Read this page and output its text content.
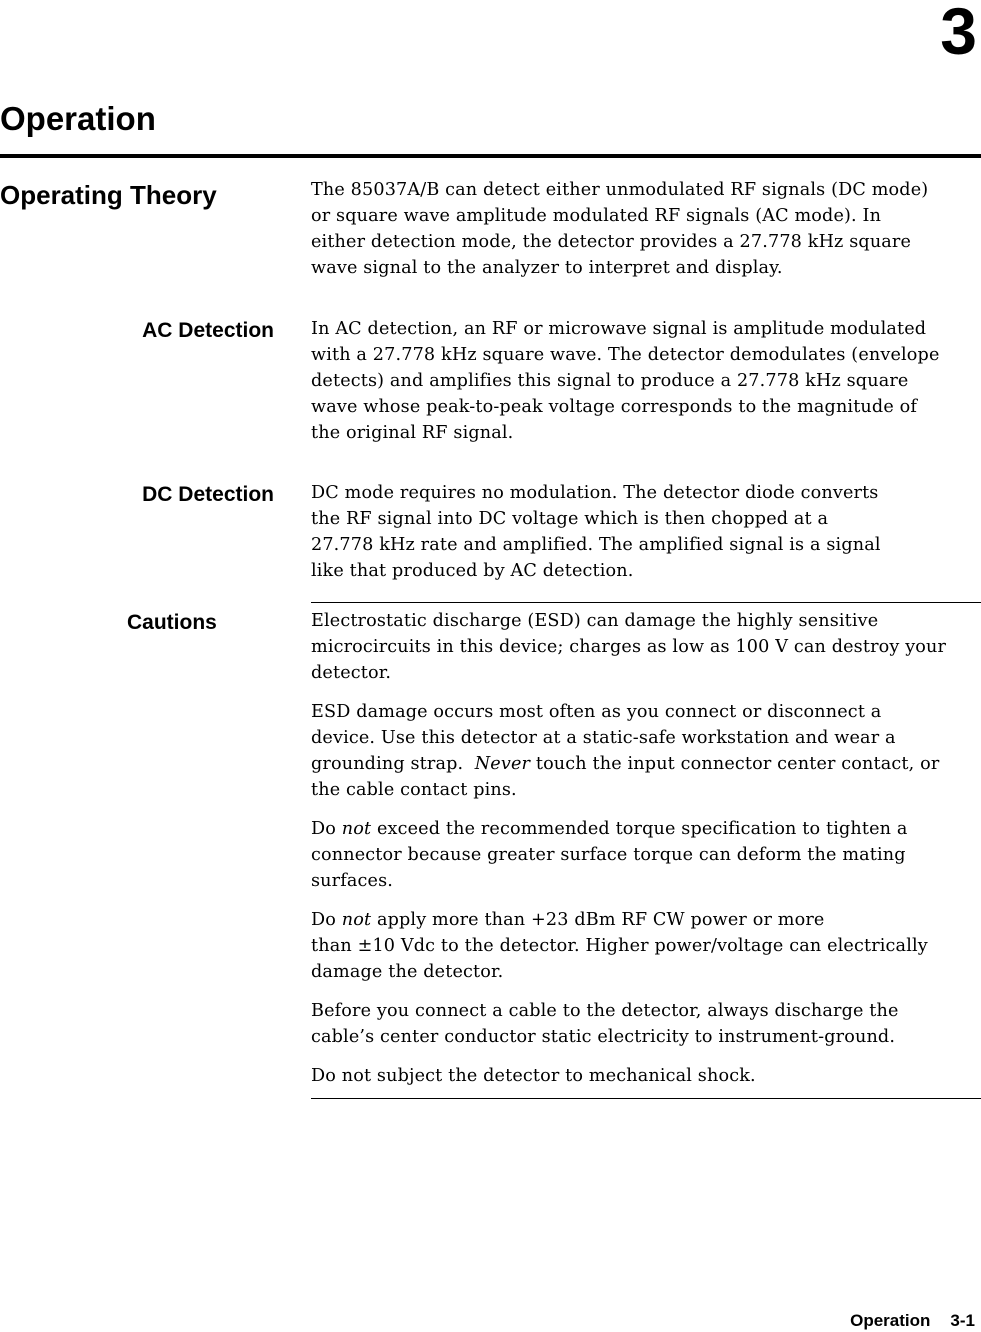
3
Operation
Operating Theory	The 85037A/B can detect either unmodulated RF signals (DC mode)

or square wave amplitude modulated RF signals (AC mode). In

either detection mode, the detector provides a 27.778 kHz square

wave signal to the analyzer to interpret and display.

AC Detection In AC detection, an RF or microwave signal is amplitude modulated

with a 27.778 kHz square wave. The detector demodulates (envelope

detects) and amplifies this signal to produce a 27.778 kHz square

wave whose peak-to-peak voltage corresponds to the magnitude of

the original RF signal.

DC Detection DC mode requires no modulation. The detector diode converts

the RF signal into DC voltage which is then chopped at a

27.778 kHz rate and amplified. The amplified signal is a signal

like that produced by AC detection.

Cautions	Electrostatic discharge (ESD) can damage the highly sensitive

microcircuits in this device; charges as low as 100 V can destroy your

detector.

ESD damage occurs most often as you connect or disconnect a

device. Use this detector at a static-safe workstation and wear a

grounding strap. Never touch the input connector center contact, or

the cable contact pins.

Do not exceed the recommended torque specification to tighten a

connector because greater surface torque can deform the mating

surfaces.

Do not apply more than +23 dBm RF CW power or more

than ±10 Vdc to the detector. Higher power/voltage can electrically

damage the detector.

Before you connect a cable to the detector, always discharge the

cable’s center conductor static electricity to instrument-ground.

Do not subject the detector to mechanical shock.

Operation 3-1
